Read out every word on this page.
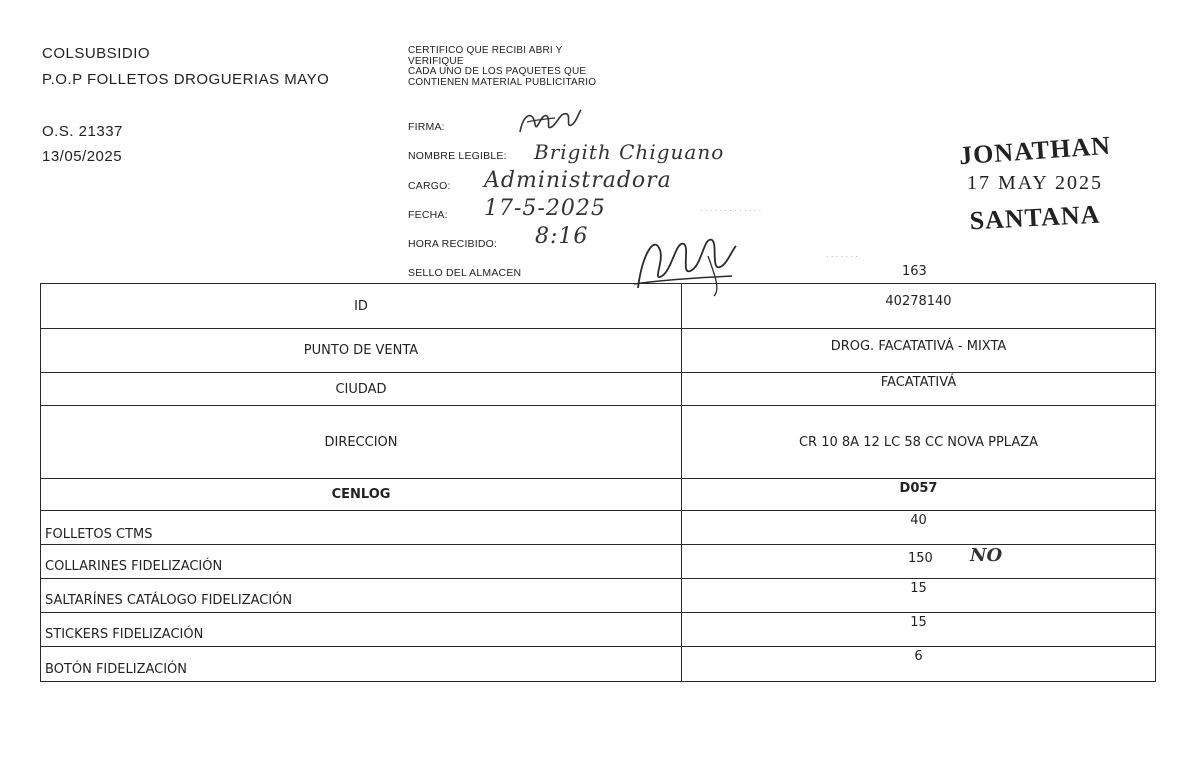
COLSUBSIDIO
P.O.P FOLLETOS DROGUERIAS MAYO
O.S. 21337
13/05/2025
CERTIFICO QUE RECIBI ABRI Y
VERIFIQUE
CADA UNO DE LOS PAQUETES QUE
CONTIENEN MATERIAL PUBLICITARIO
FIRMA:
NOMBRE LEGIBLE: Brigith Chiguano
CARGO: Administradora
FECHA: 17-5-2025
HORA RECIBIDO: 8:16
SELLO DEL ALMACEN
· · · · · · · · · · · · ·
· · · · · · ·
163
JONATHAN
17 MAY 2025
SANTANA
ID	40278140
PUNTO DE VENTA	DROG. FACATATIVÁ - MIXTA
CIUDAD	FACATATIVÁ
DIRECCION	CR 10 8A 12 LC 58 CC NOVA PPLAZA
CENLOG	D057
FOLLETOS CTMS	40
COLLARINES FIDELIZACIÓN	150 NO

SALTARÍNES CATÁLOGO FIDELIZACIÓN	15
STICKERS FIDELIZACIÓN	15
BOTÓN FIDELIZACIÓN	6
